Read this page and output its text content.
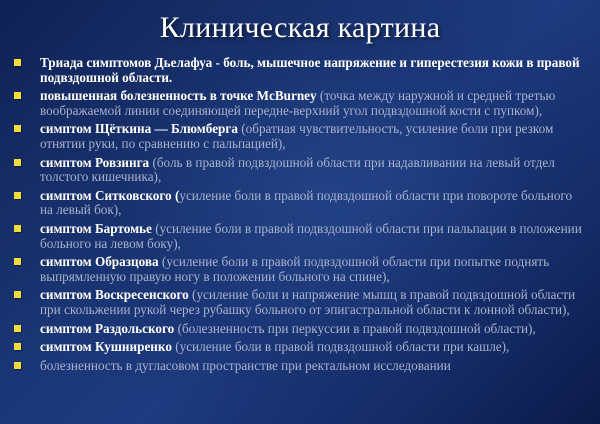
Клиническая картина
Триада симптомов Дьелафуа - боль, мышечное напряжение и гиперестезия кожи в правой подвздошной области.
повышенная болезненность в точке McBurney (точка между наружной и средней третью воображаемой линии соединяющей передне-верхний угол подвздошной кости с пупком),
симптом Щёткина — Блюмберга (обратная чувствительность, усиление боли при резком отнятии руки, по сравнению с пальпацией),
симптом Ровзинга (боль в правой подвздошной области при надавливании на левый отдел толстого кишечника),
симптом Ситковского (усиление боли в правой подвздошной области при повороте больного на левый бок),
симптом Бартомье (усиление боли в правой подвздошной области при пальпации в положении больного на левом боку),
симптом Образцова (усиление боли в правой подвздошной области при попытке поднять выпрямленную правую ногу в положении больного на спине),
симптом Воскресенского (усиление боли и напряжение мышц в правой подвздошной области при скольжении рукой через рубашку больного от эпигастральной области к лонной области),
симптом Раздольского (болезненность при перкуссии в правой подвздошной области),
симптом Кушниренко (усиление боли в правой подвздошной области при кашле),
болезненность в дугласовом пространстве при ректальном исследовании
